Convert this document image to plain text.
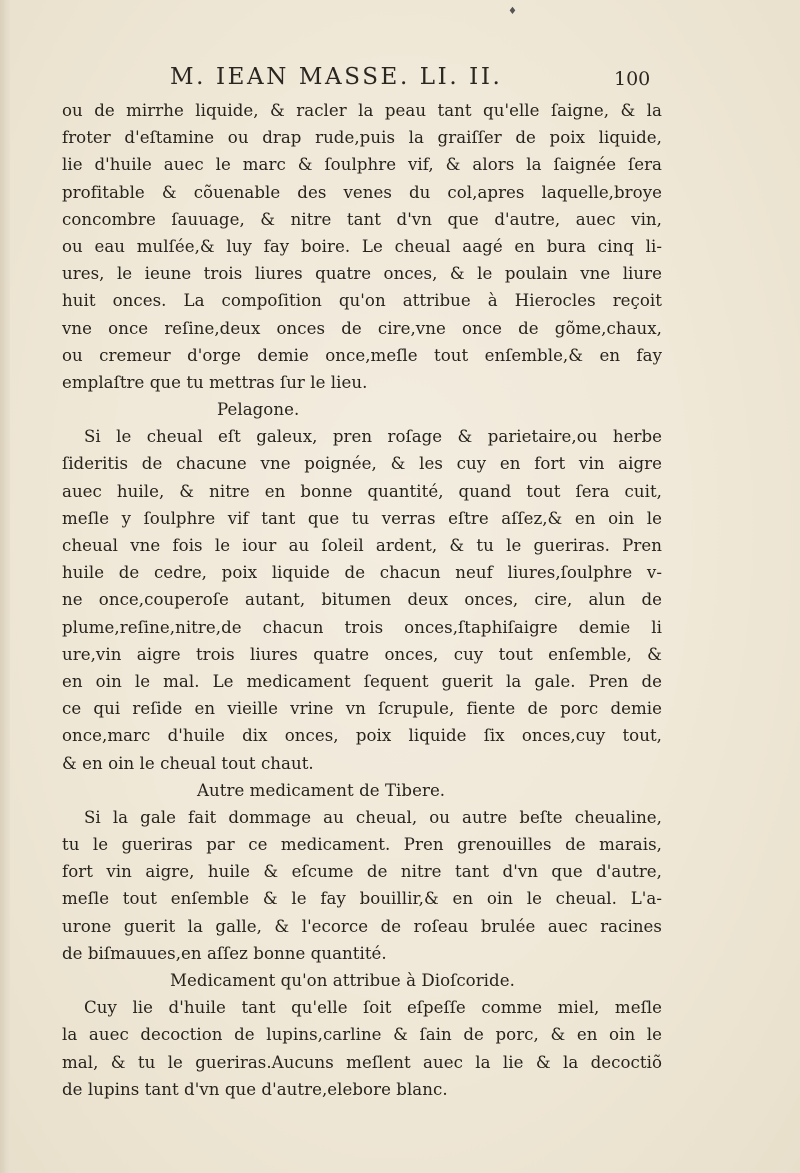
♦
M. IEAN MASSE. LI. II.	100
ou de mirrhe liquide, & racler la peau tant qu'elle ſaigne, & la
froter d'eſtamine ou drap rude,puis la graiſſer de poix liquide,
lie d'huile auec le marc & ſoulphre vif, & alors la ſaignée ſera
profitable & cõuenable des venes du col,apres laquelle,broye
concombre ſauuage, & nitre tant d'vn que d'autre, auec vin,
ou eau mulſée,& luy fay boire. Le cheual aagé en bura cinq li-
ures, le ieune trois liures quatre onces, & le poulain vne liure
huit onces. La compoſition qu'on attribue à Hierocles reçoit
vne once reſine,deux onces de cire,vne once de gõme,chaux,
ou cremeur d'orge demie once,meſle tout enſemble,& en fay
emplaſtre que tu mettras ſur le lieu.
Pelagone.
Si le cheual eſt galeux, pren roſage & parietaire,ou herbe
ſideritis de chacune vne poignée, & les cuy en fort vin aigre
auec huile, & nitre en bonne quantité, quand tout ſera cuit,
meſle y ſoulphre vif tant que tu verras eſtre aſſez,& en oin le
cheual vne fois le iour au ſoleil ardent, & tu le gueriras. Pren
huile de cedre, poix liquide de chacun neuf liures,ſoulphre v-
ne once,couperoſe autant, bitumen deux onces, cire, alun de
plume,reſine,nitre,de chacun trois onces,ſtaphiſaigre demie li
ure,vin aigre trois liures quatre onces, cuy tout enſemble, &
en oin le mal. Le medicament ſequent guerit la gale. Pren de
ce qui reſide en vieille vrine vn ſcrupule, fiente de porc demie
once,marc d'huile dix onces, poix liquide ſix onces,cuy tout,
& en oin le cheual tout chaut.
Autre medicament de Tibere.
Si la gale fait dommage au cheual, ou autre beſte cheualine,
tu le gueriras par ce medicament. Pren grenouilles de marais,
fort vin aigre, huile & eſcume de nitre tant d'vn que d'autre,
meſle tout enſemble & le fay bouillir,& en oin le cheual. L'a-
urone guerit la galle, & l'ecorce de roſeau brulée auec racines
de biſmauues,en aſſez bonne quantité.
Medicament qu'on attribue à Dioſcoride.
Cuy lie d'huile tant qu'elle ſoit eſpeſſe comme miel, meſle
la auec decoction de lupins,carline & ſain de porc, & en oin le
mal, & tu le gueriras.Aucuns meſlent auec la lie & la decoctiõ
de lupins tant d'vn que d'autre,elebore blanc.
